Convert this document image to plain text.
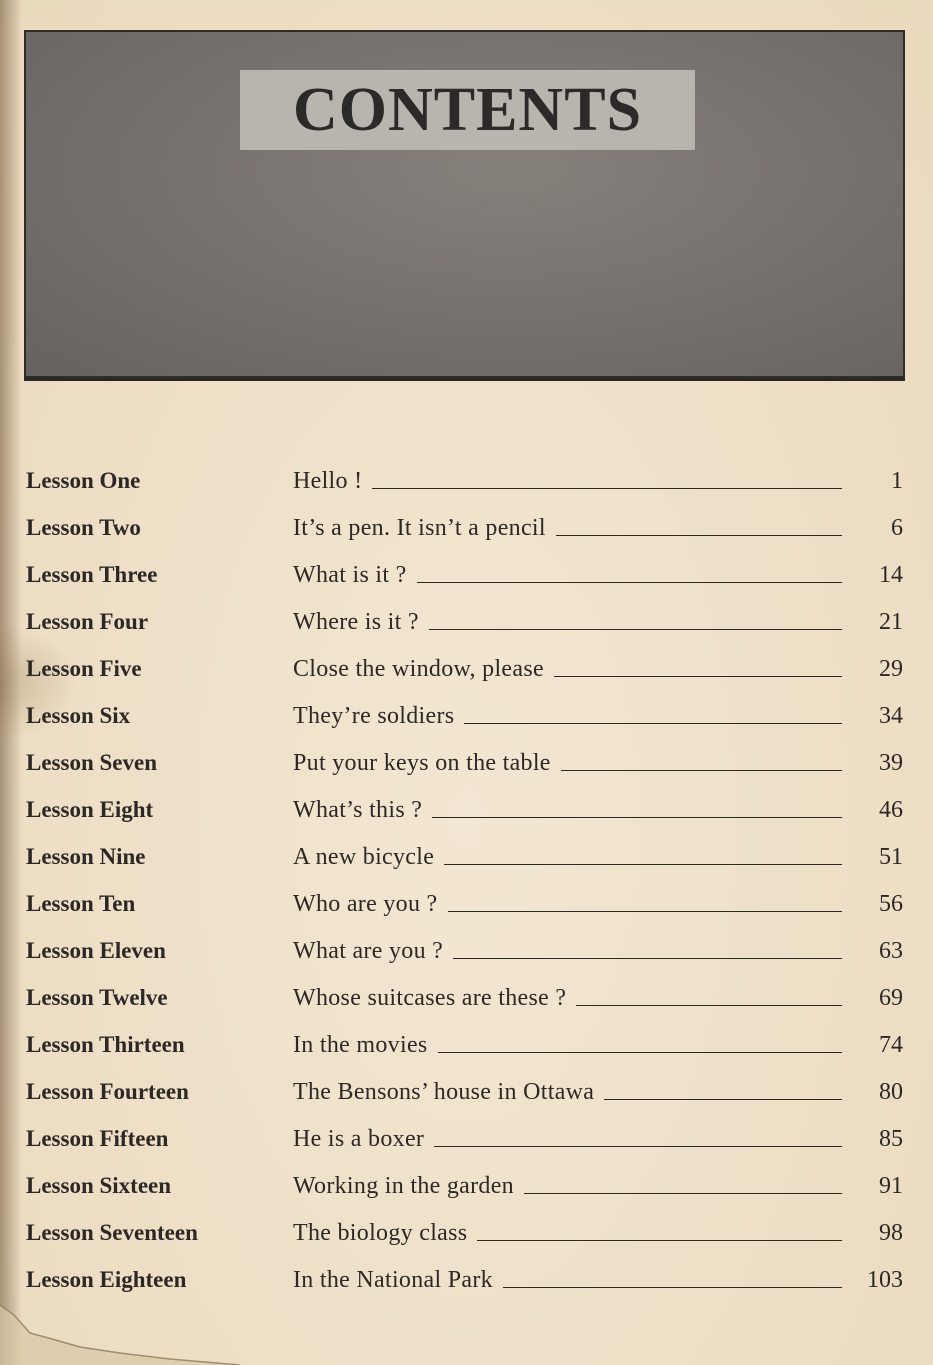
CONTENTS
Lesson One	Hello !	1
Lesson Two	It’s a pen. It isn’t a pencil	6
Lesson Three	What is it ?	14
Lesson Four	Where is it ?	21
Lesson Five	Close the window, please	29
Lesson Six	They’re soldiers	34
Lesson Seven	Put your keys on the table	39
Lesson Eight	What’s this ?	46
Lesson Nine	A new bicycle	51
Lesson Ten	Who are you ?	56
Lesson Eleven	What are you ?	63
Lesson Twelve	Whose suitcases are these ?	69
Lesson Thirteen	In the movies	74
Lesson Fourteen	The Bensons’ house in Ottawa	80
Lesson Fifteen	He is a boxer	85
Lesson Sixteen	Working in the garden	91
Lesson Seventeen	The biology class	98
Lesson Eighteen	In the National Park	103
